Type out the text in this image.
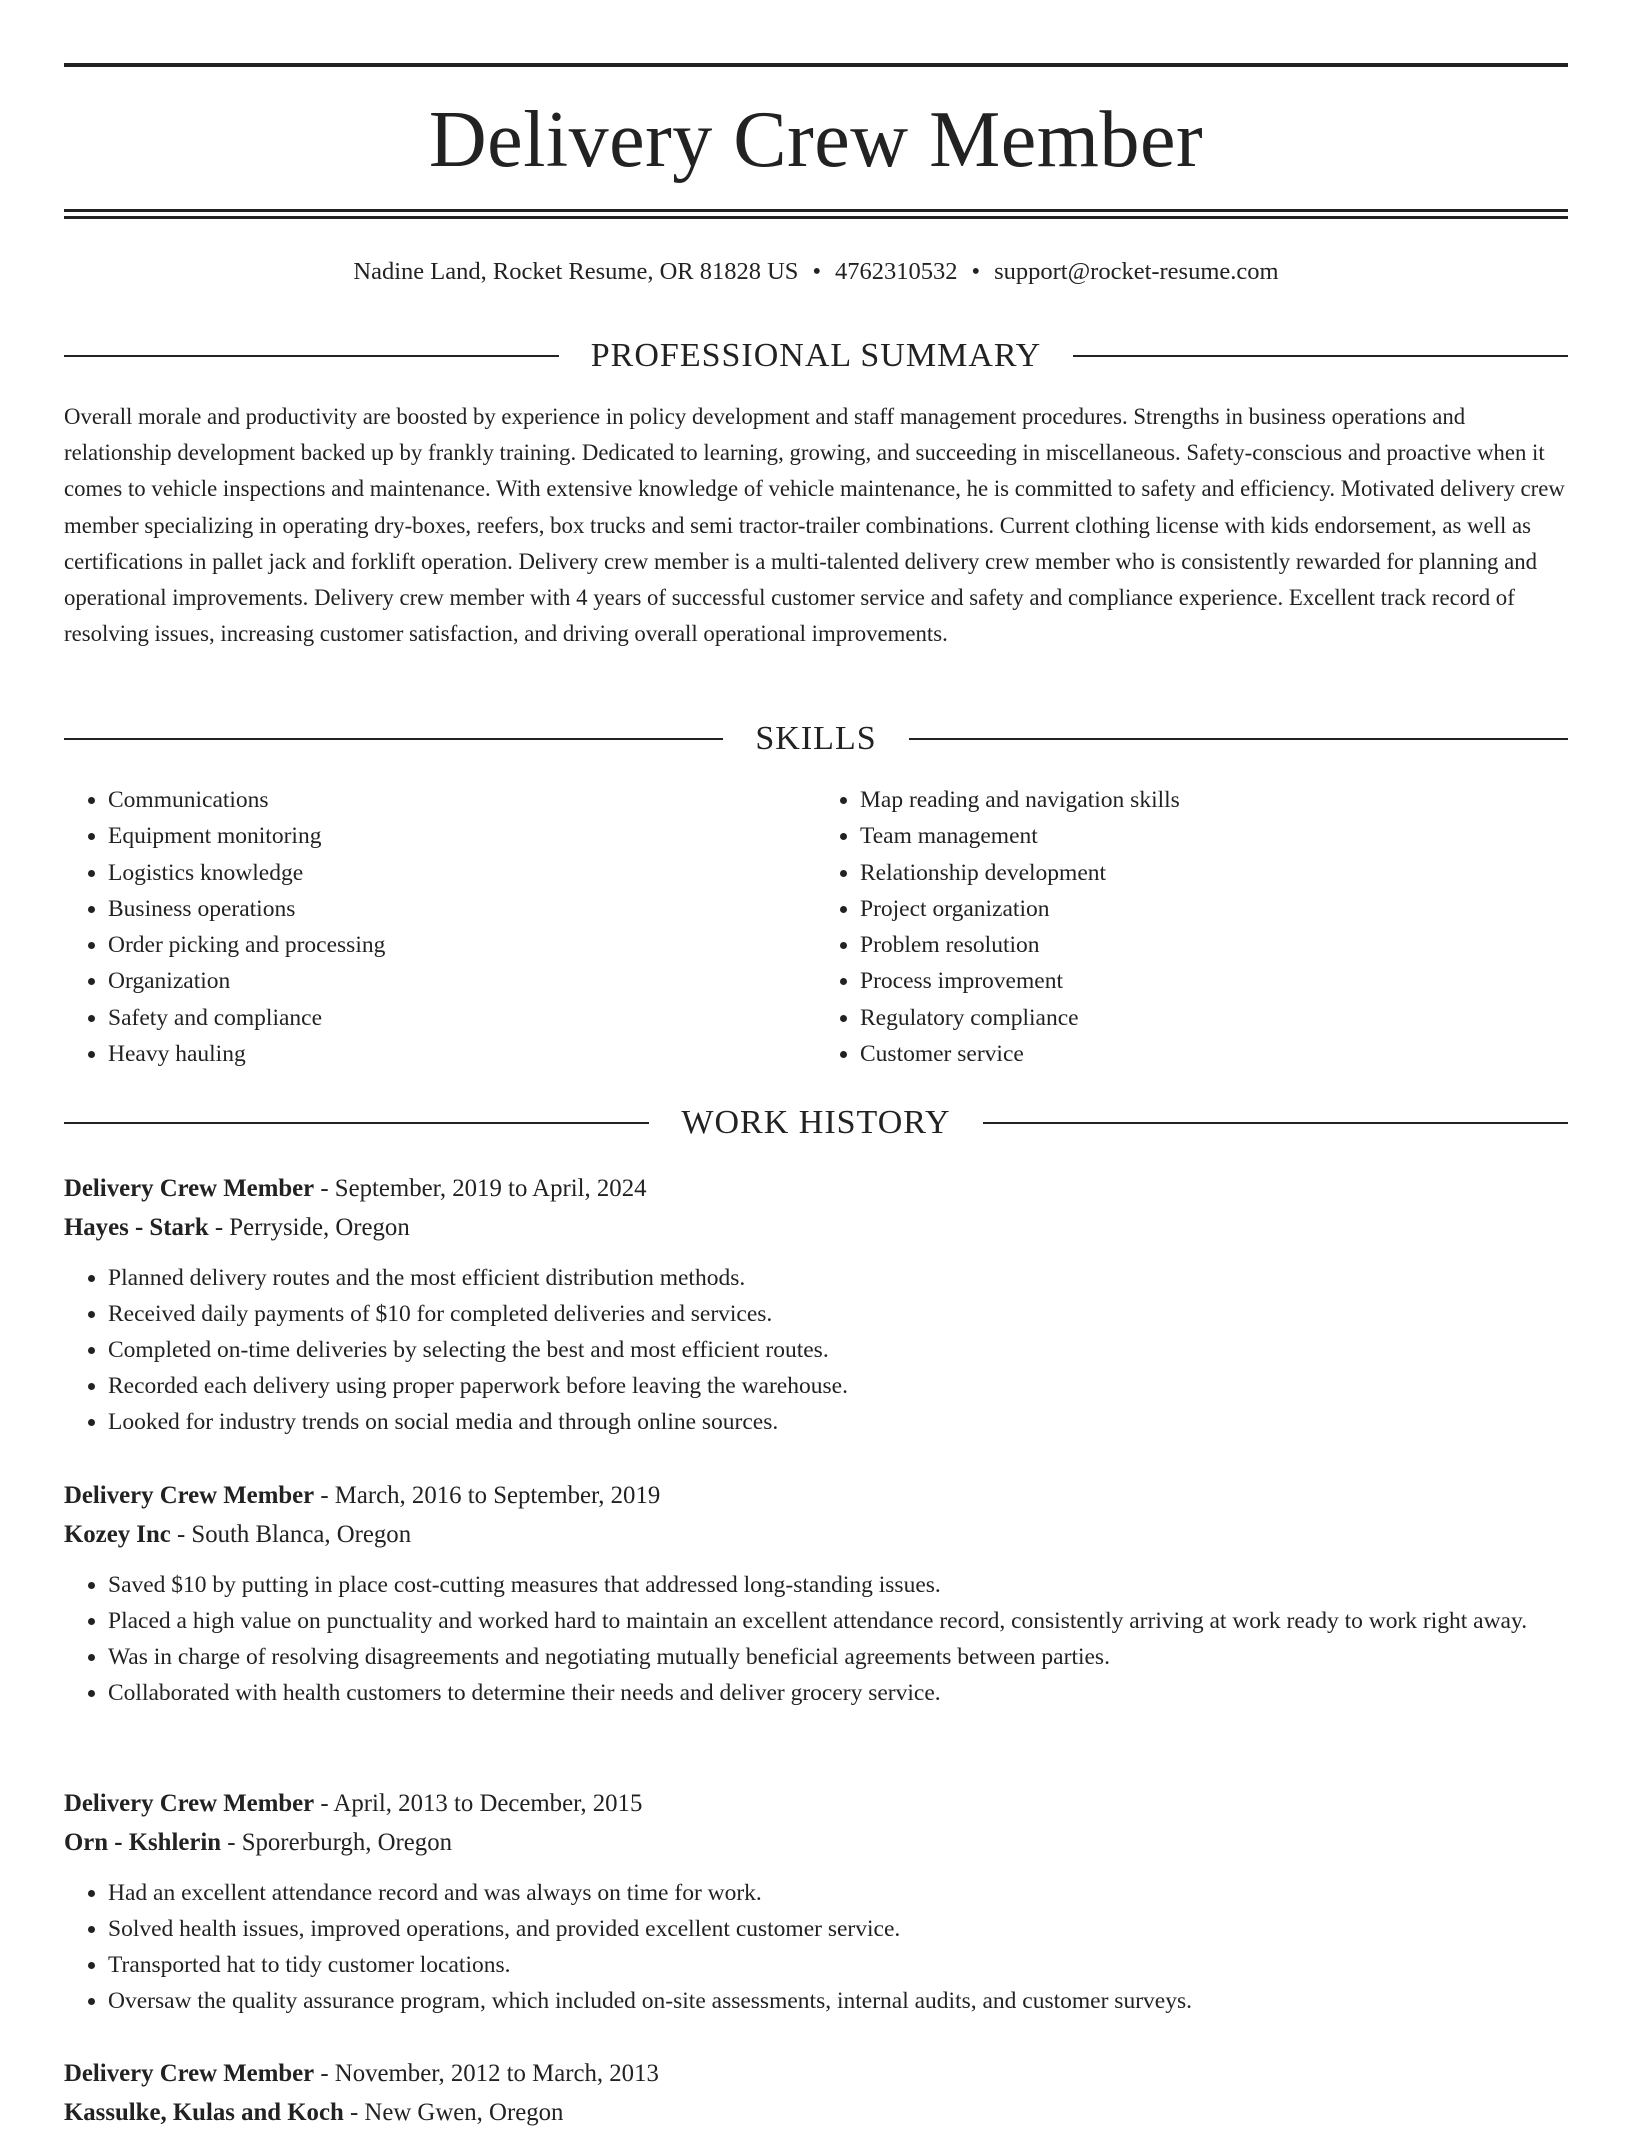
Delivery Crew Member
Nadine Land, Rocket Resume, OR 81828 US • 4762310532 • support@rocket-resume.com
PROFESSIONAL SUMMARY

Overall morale and productivity are boosted by experience in policy development and staff management procedures. Strengths in business operations and relationship development backed up by frankly training. Dedicated to learning, growing, and succeeding in miscellaneous. Safety-conscious and proactive when it comes to vehicle inspections and maintenance. With extensive knowledge of vehicle maintenance, he is committed to safety and efficiency. Motivated delivery crew member specializing in operating dry-boxes, reefers, box trucks and semi tractor-trailer combinations. Current clothing license with kids endorsement, as well as certifications in pallet jack and forklift operation. Delivery crew member is a multi-talented delivery crew member who is consistently rewarded for planning and operational improvements. Delivery crew member with 4 years of successful customer service and safety and compliance experience. Excellent track record of resolving issues, increasing customer satisfaction, and driving overall operational improvements.

SKILLS
• Communications
• Equipment monitoring
• Logistics knowledge
• Business operations
• Order picking and processing
• Organization
• Safety and compliance
• Heavy hauling
• Map reading and navigation skills
• Team management
• Relationship development
• Project organization
• Problem resolution
• Process improvement
• Regulatory compliance
• Customer service
WORK HISTORY
Delivery Crew Member - September, 2019 to April, 2024
Hayes - Stark - Perryside, Oregon
• Planned delivery routes and the most efficient distribution methods.
• Received daily payments of $10 for completed deliveries and services.
• Completed on-time deliveries by selecting the best and most efficient routes.
• Recorded each delivery using proper paperwork before leaving the warehouse.
• Looked for industry trends on social media and through online sources.
Delivery Crew Member - March, 2016 to September, 2019
Kozey Inc - South Blanca, Oregon
• Saved $10 by putting in place cost-cutting measures that addressed long-standing issues.
• Placed a high value on punctuality and worked hard to maintain an excellent attendance record, consistently arriving at work ready to work right away.
• Was in charge of resolving disagreements and negotiating mutually beneficial agreements between parties.
• Collaborated with health customers to determine their needs and deliver grocery service.
Delivery Crew Member - April, 2013 to December, 2015
Orn - Kshlerin - Sporerburgh, Oregon
• Had an excellent attendance record and was always on time for work.
• Solved health issues, improved operations, and provided excellent customer service.
• Transported hat to tidy customer locations.
• Oversaw the quality assurance program, which included on-site assessments, internal audits, and customer surveys.
Delivery Crew Member - November, 2012 to March, 2013
Kassulke, Kulas and Koch - New Gwen, Oregon
